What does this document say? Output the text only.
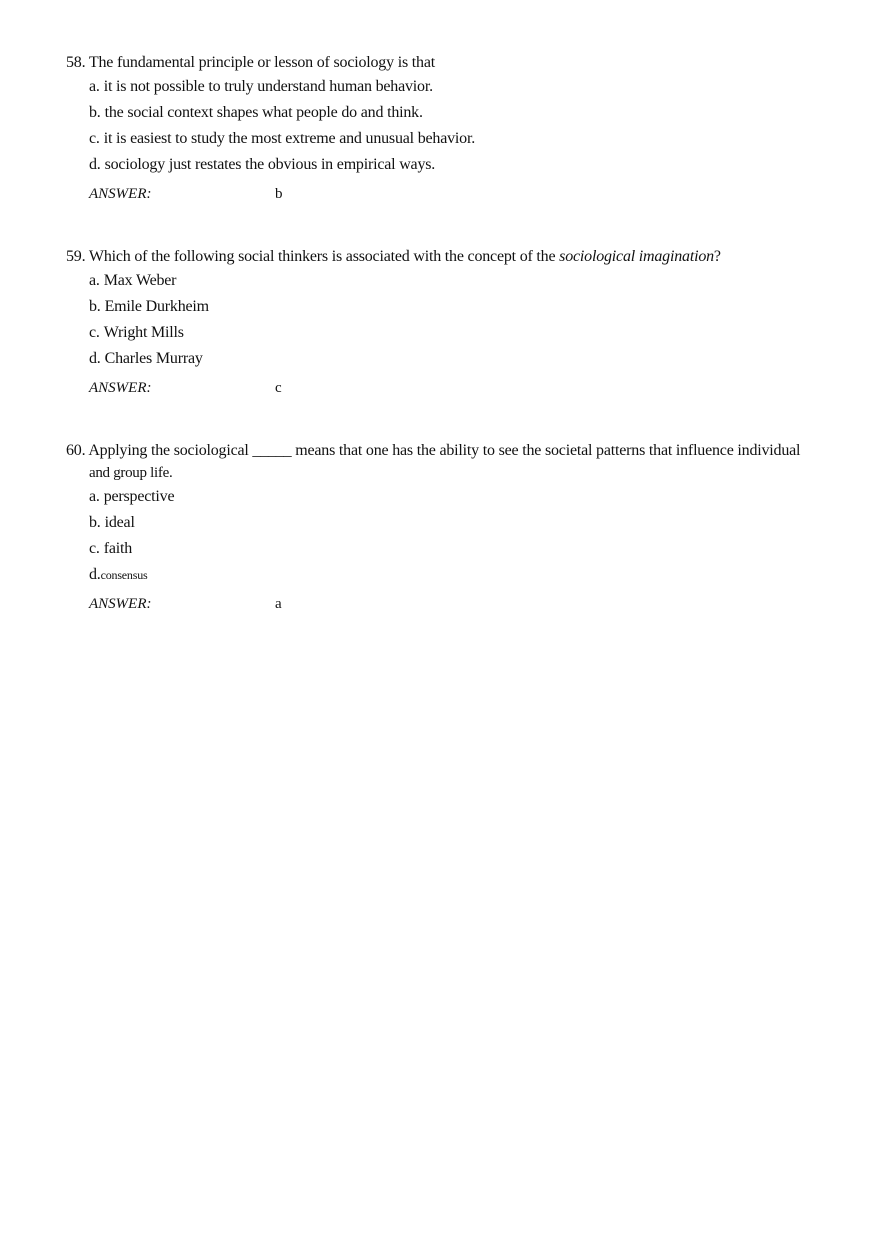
58. The fundamental principle or lesson of sociology is that

a. it is not possible to truly understand human behavior.
b. the social context shapes what people do and think.
c. it is easiest to study the most extreme and unusual behavior.
d. sociology just restates the obvious in empirical ways.
ANSWER:	b

59. Which of the following social thinkers is associated with the concept of the sociological imagination?

a. Max Weber
b. Emile Durkheim
c. Wright Mills
d. Charles Murray
ANSWER:	c

60. Applying the sociological _____ means that one has the ability to see the societal patterns that influence individual
and group life.

a. perspective
b. ideal
c. faith
d.consensus
ANSWER:	a
